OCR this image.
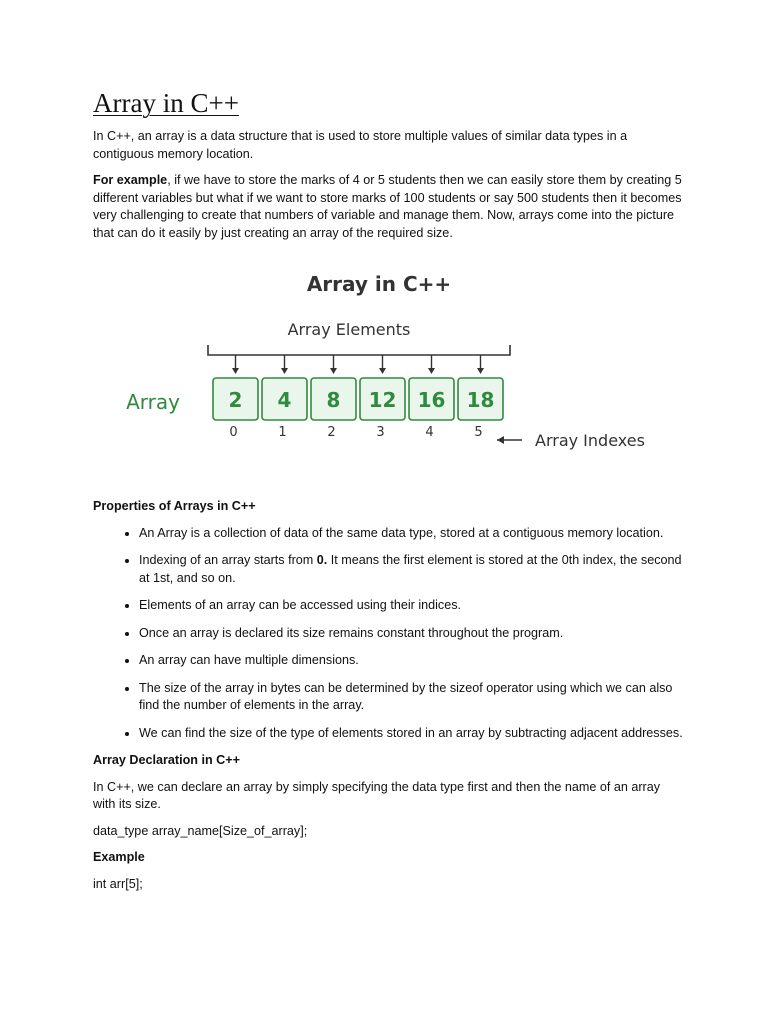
Array in C++

In C++, an array is a data structure that is used to store multiple values of similar data types in a contiguous memory location.

For example, if we have to store the marks of 4 or 5 students then we can easily store them by creating 5 different variables but what if we want to store marks of 100 students or say 500 students then it becomes very challenging to create that numbers of variable and manage them. Now, arrays come into the picture that can do it easily by just creating an array of the required size.

Array in C++
Array Elements
Array 2 4 8 12 16 18
0	1	2	3	4	5	Array Indexes
Properties of Arrays in C++
• An Array is a collection of data of the same data type, stored at a contiguous memory location.
• Indexing of an array starts from 0. It means the first element is stored at the 0th index, the second at 1st, and so on.
• Elements of an array can be accessed using their indices.
• Once an array is declared its size remains constant throughout the program.
• An array can have multiple dimensions.
• The size of the array in bytes can be determined by the sizeof operator using which we can also find the number of elements in the array.
• We can find the size of the type of elements stored in an array by subtracting adjacent addresses.
Array Declaration in C++

In C++, we can declare an array by simply specifying the data type first and then the name of an array with its size.

data_type array_name[Size_of_array];

Example

int arr[5];
